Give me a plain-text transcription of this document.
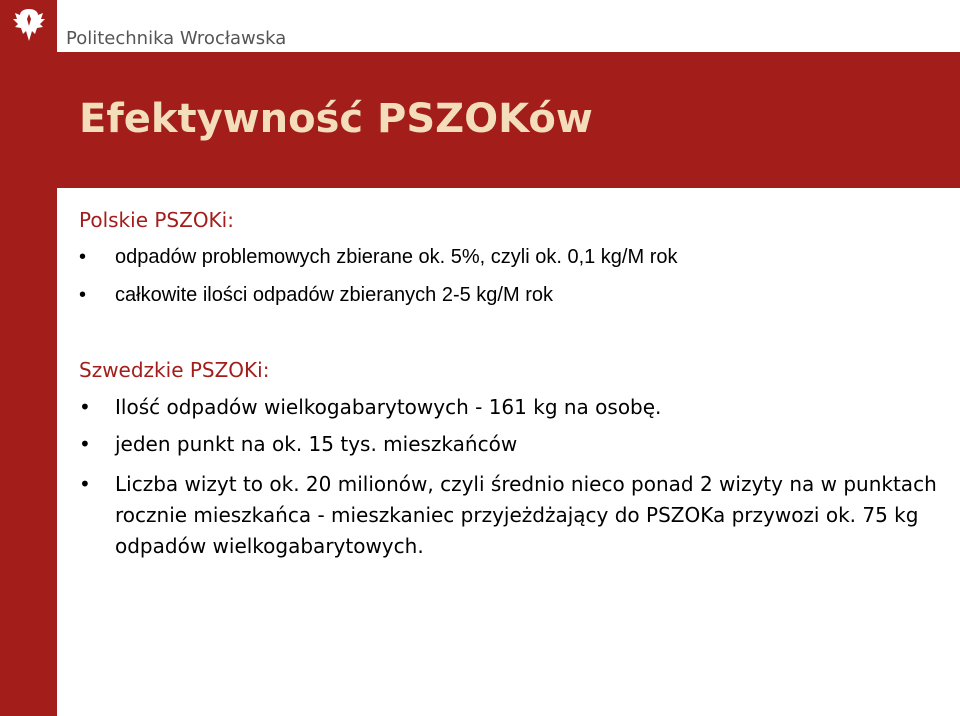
Politechnika Wrocławska
Efektywność PSZOKów
Polskie PSZOKi:
•	odpadów problemowych zbierane ok. 5%, czyli ok. 0,1 kg/M rok
•	całkowite ilości odpadów zbieranych 2-5 kg/M rok
Szwedzkie PSZOKi:
•	Ilość odpadów wielkogabarytowych - 161 kg na osobę.
•	jeden punkt na ok. 15 tys. mieszkańców
•	Liczba wizyt to ok. 20 milionów, czyli średnio nieco ponad 2 wizyty na w punktach rocznie mieszkańca - mieszkaniec przyjeżdżający do PSZOKa przywozi ok. 75 kg odpadów wielkogabarytowych.
